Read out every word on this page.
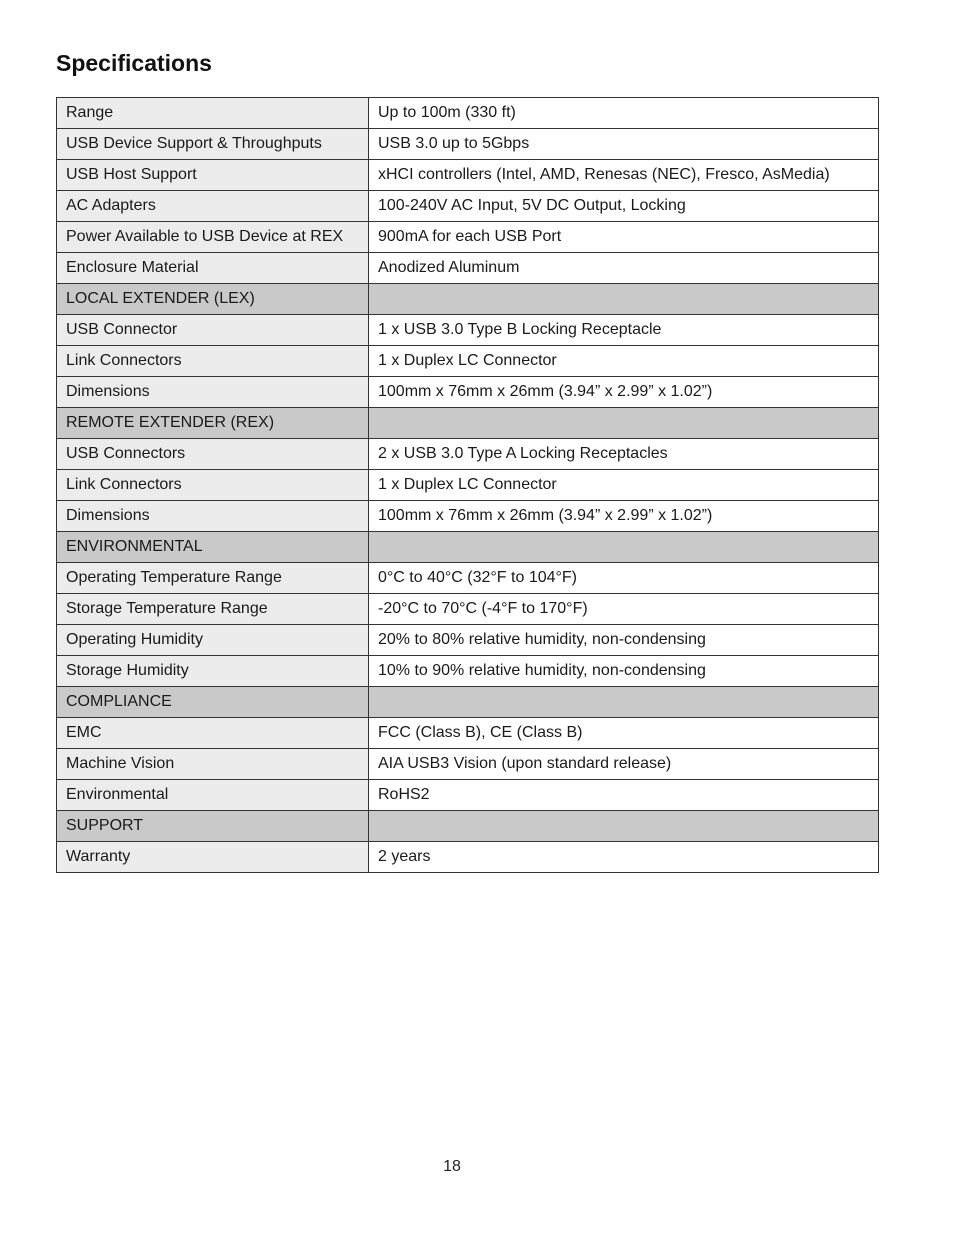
Specifications
Range	Up to 100m (330 ft)
USB Device Support & Throughputs	USB 3.0 up to 5Gbps
USB Host Support	xHCI controllers (Intel, AMD, Renesas (NEC), Fresco, AsMedia)
AC Adapters	100-240V AC Input, 5V DC Output, Locking
Power Available to USB Device at REX	900mA for each USB Port
Enclosure Material	Anodized Aluminum
LOCAL EXTENDER (LEX)	
USB Connector	1 x USB 3.0 Type B Locking Receptacle
Link Connectors	1 x Duplex LC Connector
Dimensions	100mm x 76mm x 26mm (3.94” x 2.99” x 1.02”)
REMOTE EXTENDER (REX)	
USB Connectors	2 x USB 3.0 Type A Locking Receptacles
Link Connectors	1 x Duplex LC Connector
Dimensions	100mm x 76mm x 26mm (3.94” x 2.99” x 1.02”)
ENVIRONMENTAL	
Operating Temperature Range	0°C to 40°C (32°F to 104°F)
Storage Temperature Range	-20°C to 70°C (-4°F to 170°F)
Operating Humidity	20% to 80% relative humidity, non-condensing
Storage Humidity	10% to 90% relative humidity, non-condensing
COMPLIANCE	
EMC	FCC (Class B), CE (Class B)
Machine Vision	AIA USB3 Vision (upon standard release)
Environmental	RoHS2
SUPPORT	
Warranty	2 years
18
